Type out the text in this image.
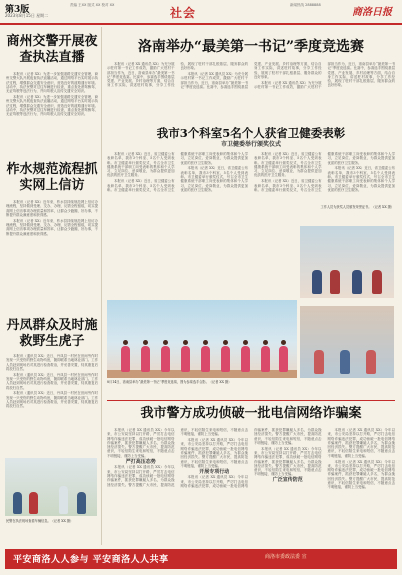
第3版
2023年8月15日 星期二
责编 王XX 版式 XX 校对 XX
社会
新闻热线 2888888
商洛日报
商州交警开展夜查执法直播

本报讯（记者 XX）为进一步加强道路交通安全管理，商州交警大队开展夜查执法直播活动，通过网络平台实时展示执法过程，增强群众交通安全意识，营造良好的道路通行环境。活动中，执法民警对过往车辆进行检查，重点查处酒驾醉驾、无证驾驶等违法行为，并向驾驶人宣传交通安全知识。

本报讯（记者 XX）为进一步加强道路交通安全管理，商州交警大队开展夜查执法直播活动，通过网络平台实时展示执法过程，增强群众交通安全意识，营造良好的道路通行环境。活动中，执法民警对过往车辆进行检查，重点查处酒驾醉驾、无证驾驶等违法行为，并向驾驶人宣传交通安全知识。

柞水规范流程抓实网上信访

本报讯（记者 XX）近年来，柞水县持续规范网上信访办理流程，坚持做到受理、交办、办理、反馈全程留痕，切实提高网上信访事项办理质量和效率，让群众少跑腿、好办事，不断提升群众满意度和获得感。

本报讯（记者 XX）近年来，柞水县持续规范网上信访办理流程，坚持做到受理、交办、办理、反馈全程留痕，切实提高网上信访事项办理质量和效率，让群众少跑腿、好办事，不断提升群众满意度和获得感。

丹凤群众及时施救野生虎子

本报讯（通讯员 XX）近日，丹凤县一村民在田间劳作时发现一只受伤的野生动物幼崽，随即联系当地林业部门。工作人员赶到现场后对其进行检查救治，并妥善安置，待其康复后将放归自然。

本报讯（通讯员 XX）近日，丹凤县一村民在田间劳作时发现一只受伤的野生动物幼崽，随即联系当地林业部门。工作人员赶到现场后对其进行检查救治，并妥善安置，待其康复后将放归自然。

本报讯（通讯员 XX）近日，丹凤县一村民在田间劳作时发现一只受伤的野生动物幼崽，随即联系当地林业部门。工作人员赶到现场后对其进行检查救治，并妥善安置，待其康复后将放归自然。

民警在执法现场查看车辆信息。（记者 XX 摄）
洛南举办“最美第一书记”季度竞选赛

本报讯（记者 XX 通讯员 XX）为充分展示驻村第一书记工作成效，激励广大驻村干部担当作为，近日，洛南县举办“最美第一书记”季度竞选赛。比赛中，参赛选手围绕基层党建、产业发展、乡村治理等方面，结合自身工作实际，讲述驻村故事，分享工作经验，展现了驻村干部扎根基层、服务群众的良好形象。

本报讯（记者 XX 通讯员 XX）为充分展示驻村第一书记工作成效，激励广大驻村干部担当作为，近日，洛南县举办“最美第一书记”季度竞选赛。比赛中，参赛选手围绕基层党建、产业发展、乡村治理等方面，结合自身工作实际，讲述驻村故事，分享工作经验，展现了驻村干部扎根基层、服务群众的良好形象。

本报讯（记者 XX 通讯员 XX）为充分展示驻村第一书记工作成效，激励广大驻村干部担当作为，近日，洛南县举办“最美第一书记”季度竞选赛。比赛中，参赛选手围绕基层党建、产业发展、乡村治理等方面，结合自身工作实际，讲述驻村故事，分享工作经验，展现了驻村干部扎根基层、服务群众的良好形象。

我市3个科室5名个人获省卫健委表彰
市卫健委举行颁奖仪式

本报讯（记者 XX）近日，省卫健委公布表彰名单，我市3个科室、5名个人受到表彰。市卫健委举行颁奖仪式，号召全市卫生健康系统干部职工向受表彰的集体和个人学习，立足岗位、爱岗敬业，为群众提供更加优质的医疗卫生服务。

本报讯（记者 XX）近日，省卫健委公布表彰名单，我市3个科室、5名个人受到表彰。市卫健委举行颁奖仪式，号召全市卫生健康系统干部职工向受表彰的集体和个人学习，立足岗位、爱岗敬业，为群众提供更加优质的医疗卫生服务。

本报讯（记者 XX）近日，省卫健委公布表彰名单，我市3个科室、5名个人受到表彰。市卫健委举行颁奖仪式，号召全市卫生健康系统干部职工向受表彰的集体和个人学习，立足岗位、爱岗敬业，为群众提供更加优质的医疗卫生服务。

本报讯（记者 XX）近日，省卫健委公布表彰名单，我市3个科室、5名个人受到表彰。市卫健委举行颁奖仪式，号召全市卫生健康系统干部职工向受表彰的集体和个人学习，立足岗位、爱岗敬业，为群众提供更加优质的医疗卫生服务。

本报讯（记者 XX）近日，省卫健委公布表彰名单，我市3个科室、5名个人受到表彰。市卫健委举行颁奖仪式，号召全市卫生健康系统干部职工向受表彰的集体和个人学习，立足岗位、爱岗敬业，为群众提供更加优质的医疗卫生服务。

本报讯（记者 XX）近日，省卫健委公布表彰名单，我市3个科室、5名个人受到表彰。市卫健委举行颁奖仪式，号召全市卫生健康系统干部职工向受表彰的集体和个人学习，立足岗位、爱岗敬业，为群众提供更加优质的医疗卫生服务。

工作人员为获奖人员颁发荣誉证书。（记者 XX 摄）
8月14日，洛南县举办“最美第一书记”季度竞选赛，图为参赛选手合影。（记者 XX 摄）
我市警方成功侦破一批电信网络诈骗案

本报讯（记者 XX 通讯员 XX）今年以来，市公安局坚持以打开路，严厉打击电信网络诈骗违法犯罪，成功侦破一批电信网络诈骗案件，抓获犯罪嫌疑人多名，为群众挽回经济损失。警方提醒广大市民，提高防范意识，不轻信陌生来电和短信，不随意点击不明链接，谨防上当受骗。

严打高压态势

本报讯（记者 XX 通讯员 XX）今年以来，市公安局坚持以打开路，严厉打击电信网络诈骗违法犯罪，成功侦破一批电信网络诈骗案件，抓获犯罪嫌疑人多名，为群众挽回经济损失。警方提醒广大市民，提高防范意识，不轻信陌生来电和短信，不随意点击不明链接，谨防上当受骗。

本报讯（记者 XX 通讯员 XX）今年以来，市公安局坚持以打开路，严厉打击电信网络诈骗违法犯罪，成功侦破一批电信网络诈骗案件，抓获犯罪嫌疑人多名，为群众挽回经济损失。警方提醒广大市民，提高防范意识，不轻信陌生来电和短信，不随意点击不明链接，谨防上当受骗。

开展专项行动

本报讯（记者 XX 通讯员 XX）今年以来，市公安局坚持以打开路，严厉打击电信网络诈骗违法犯罪，成功侦破一批电信网络诈骗案件，抓获犯罪嫌疑人多名，为群众挽回经济损失。警方提醒广大市民，提高防范意识，不轻信陌生来电和短信，不随意点击不明链接，谨防上当受骗。

本报讯（记者 XX 通讯员 XX）今年以来，市公安局坚持以打开路，严厉打击电信网络诈骗违法犯罪，成功侦破一批电信网络诈骗案件，抓获犯罪嫌疑人多名，为群众挽回经济损失。警方提醒广大市民，提高防范意识，不轻信陌生来电和短信，不随意点击不明链接，谨防上当受骗。

广泛宣传防范

本报讯（记者 XX 通讯员 XX）今年以来，市公安局坚持以打开路，严厉打击电信网络诈骗违法犯罪，成功侦破一批电信网络诈骗案件，抓获犯罪嫌疑人多名，为群众挽回经济损失。警方提醒广大市民，提高防范意识，不轻信陌生来电和短信，不随意点击不明链接，谨防上当受骗。

本报讯（记者 XX 通讯员 XX）今年以来，市公安局坚持以打开路，严厉打击电信网络诈骗违法犯罪，成功侦破一批电信网络诈骗案件，抓获犯罪嫌疑人多名，为群众挽回经济损失。警方提醒广大市民，提高防范意识，不轻信陌生来电和短信，不随意点击不明链接，谨防上当受骗。

平安商洛人人参与 平安商洛人人共享	商洛市委政法委 宣
